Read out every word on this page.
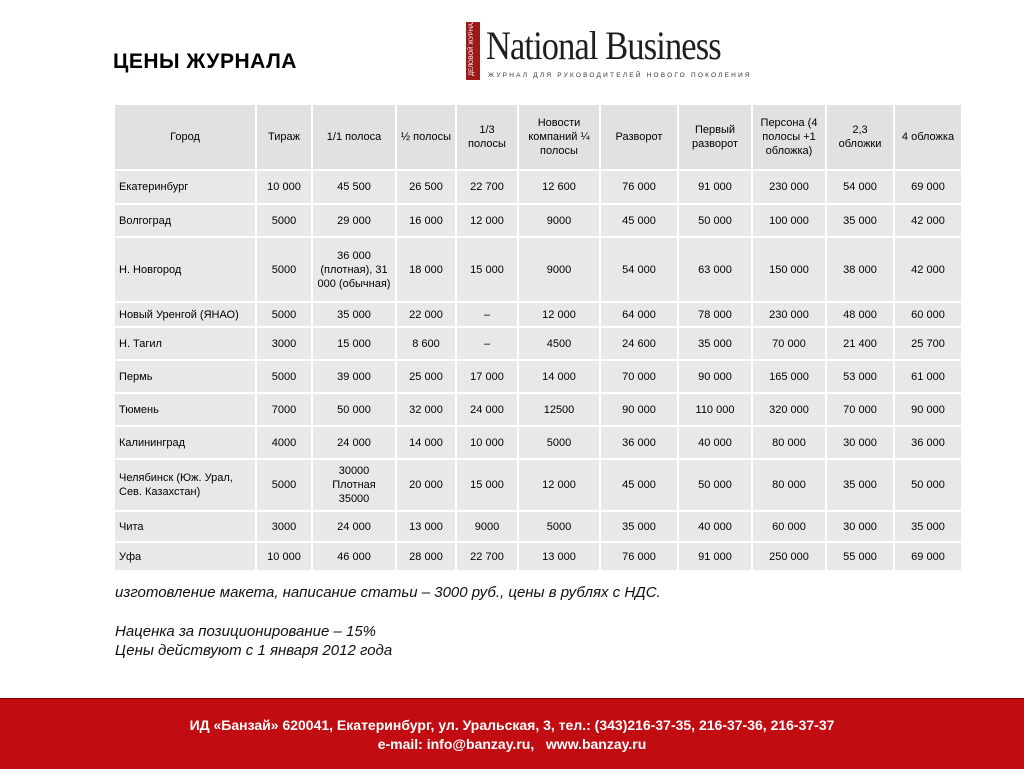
ЦЕНЫ ЖУРНАЛА	ДЕЛОВОЙ ЖУРНАЛ National Business
ЖУРНАЛ ДЛЯ РУКОВОДИТЕЛЕЙ НОВОГО ПОКОЛЕНИЯ
Город	Тираж	1/1 полоса	½ полосы	1/3 полосы	Новости компаний ¼ полосы	Разворот	Первый разворот	Персона (4 полосы +1 обложка)	2,3 обложки	4 обложка
Екатеринбург	10 000	45 500	26 500	22 700	12 600	76 000	91 000	230 000	54 000	69 000
Волгоград	5000	29 000	16 000	12 000	9000	45 000	50 000	100 000	35 000	42 000
Н. Новгород	5000	36 000 (плотная), 31 000 (обычная)	18 000	15 000	9000	54 000	63 000	150 000	38 000	42 000
Новый Уренгой (ЯНАО)	5000	35 000	22 000	–	12 000	64 000	78 000	230 000	48 000	60 000
Н. Тагил	3000	15 000	8 600	–	4500	24 600	35 000	70 000	21 400	25 700
Пермь	5000	39 000	25 000	17 000	14 000	70 000	90 000	165 000	53 000	61 000
Тюмень	7000	50 000	32 000	24 000	12500	90 000	110 000	320 000	70 000	90 000
Калининград	4000	24 000	14 000	10 000	5000	36 000	40 000	80 000	30 000	36 000
Челябинск (Юж. Урал, Сев. Казахстан)	5000	30000 Плотная 35000	20 000	15 000	12 000	45 000	50 000	80 000	35 000	50 000
Чита	3000	24 000	13 000	9000	5000	35 000	40 000	60 000	30 000	35 000
Уфа	10 000	46 000	28 000	22 700	13 000	76 000	91 000	250 000	55 000	69 000

изготовление макета, написание статьи – 3000 руб., цены в рублях с НДС.

Наценка за позиционирование – 15%

Цены действуют с 1 января 2012 года

ИД «Банзай» 620041, Екатеринбург, ул. Уральская, 3, тел.: (343)216-37-35, 216-37-36, 216-37-37
e-mail: info@banzay.ru,   www.banzay.ru
